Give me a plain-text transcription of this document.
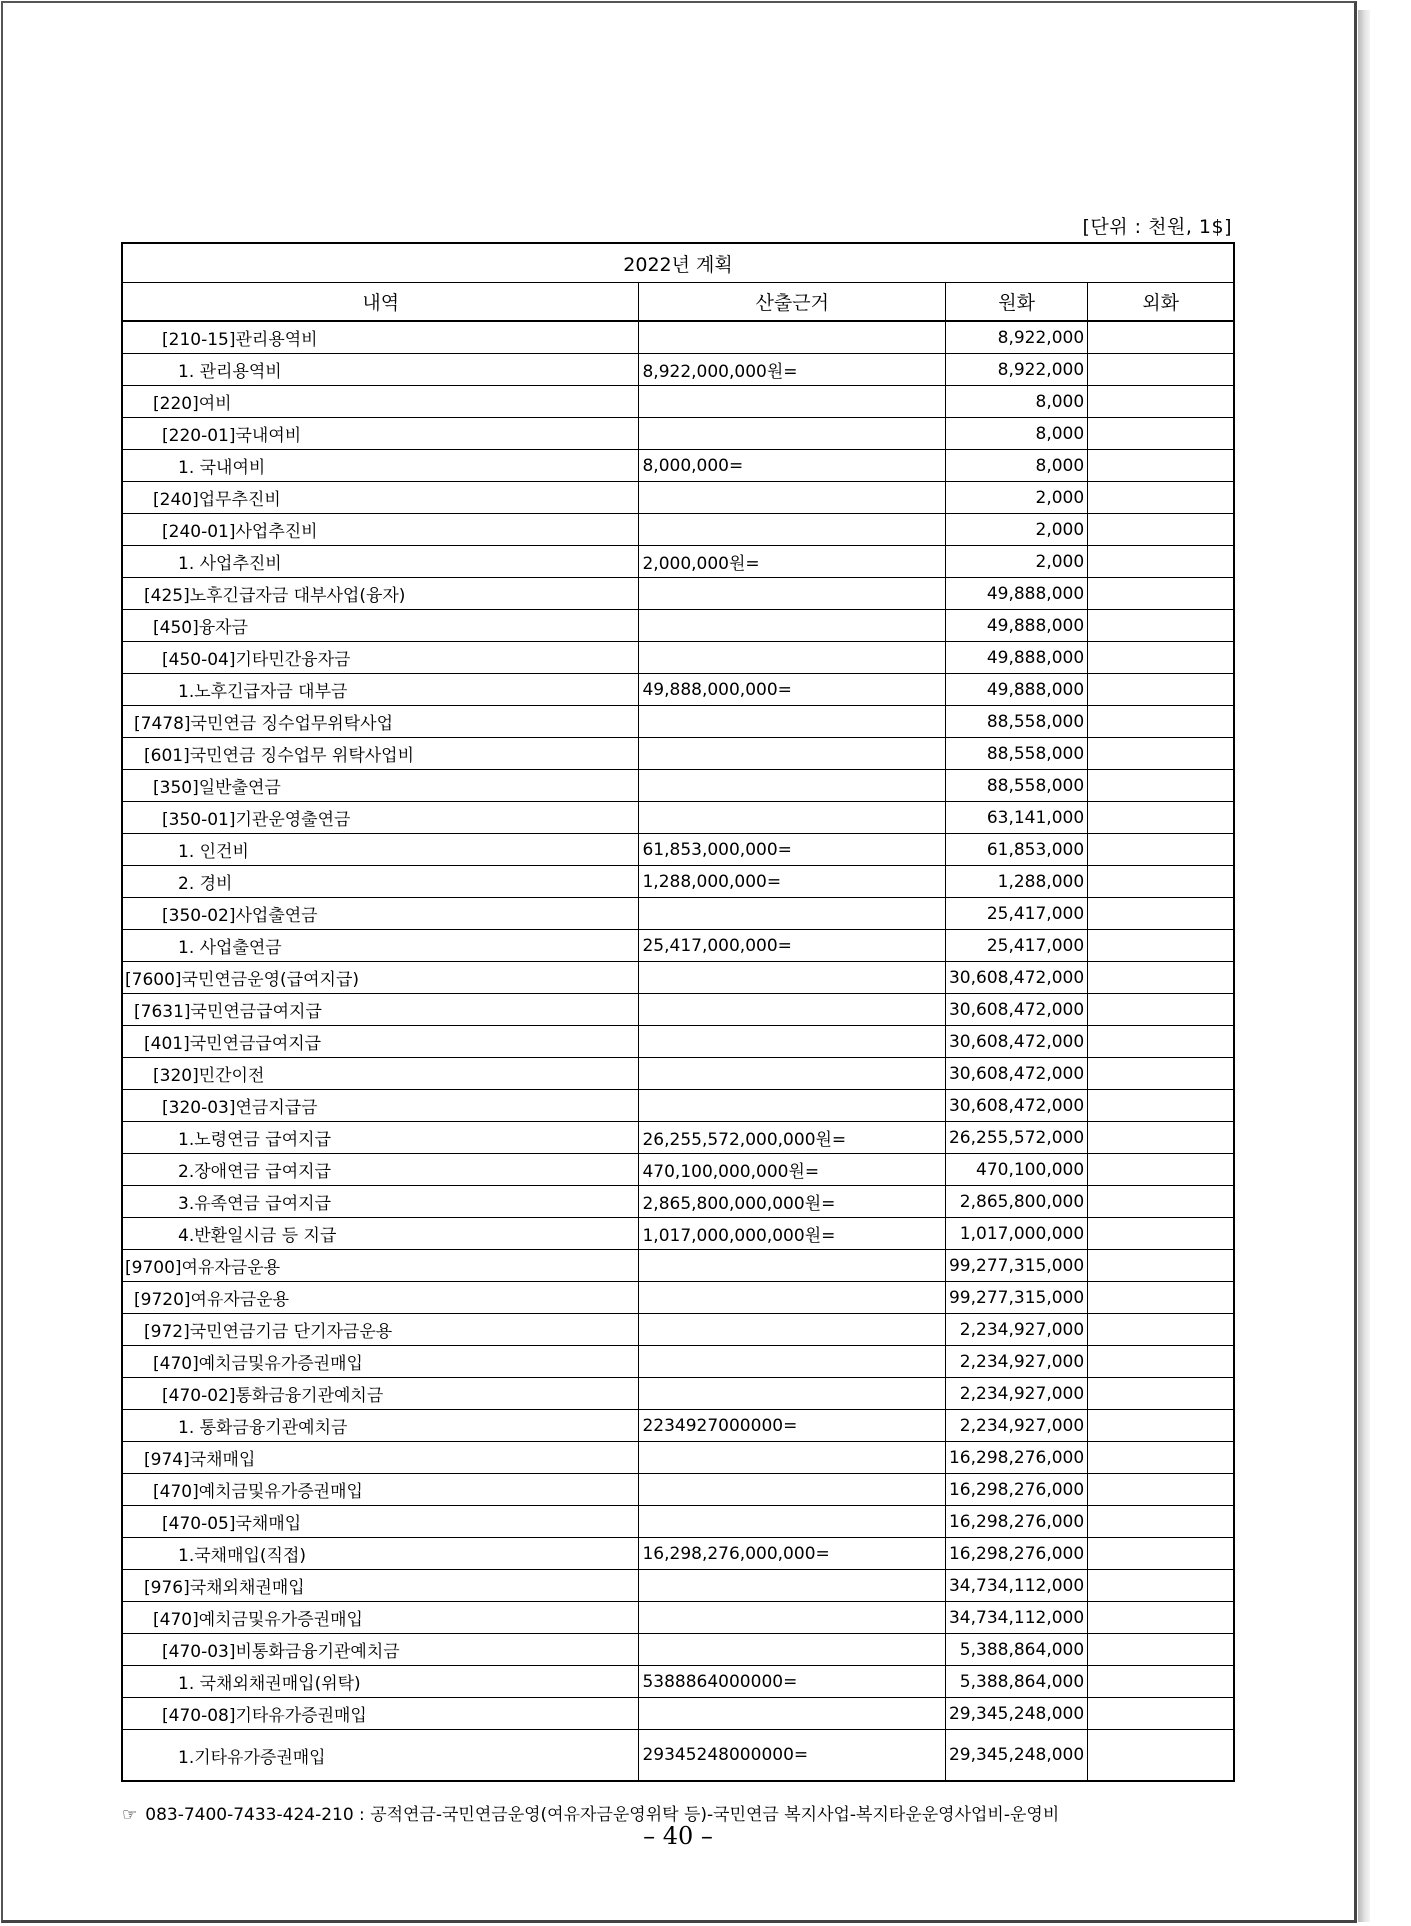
[단위 : 천원, 1$]
2022년 계획			
내역	산출근거	원화	외화
[210-15]관리용역비		8,922,000	
1. 관리용역비	8,922,000,000원=	8,922,000	
[220]여비		8,000	
[220-01]국내여비		8,000	
1. 국내여비	8,000,000=	8,000	
[240]업무추진비		2,000	
[240-01]사업추진비		2,000	
1. 사업추진비	2,000,000원=	2,000	
[425]노후긴급자금 대부사업(융자)		49,888,000	
[450]융자금		49,888,000	
[450-04]기타민간융자금		49,888,000	
1.노후긴급자금 대부금	49,888,000,000=	49,888,000	
[7478]국민연금 징수업무위탁사업		88,558,000	
[601]국민연금 징수업무 위탁사업비		88,558,000	
[350]일반출연금		88,558,000	
[350-01]기관운영출연금		63,141,000	
1. 인건비	61,853,000,000=	61,853,000	
2. 경비	1,288,000,000=	1,288,000	
[350-02]사업출연금		25,417,000	
1. 사업출연금	25,417,000,000=	25,417,000	
[7600]국민연금운영(급여지급)		30,608,472,000	
[7631]국민연금급여지급		30,608,472,000	
[401]국민연금급여지급		30,608,472,000	
[320]민간이전		30,608,472,000	
[320-03]연금지급금		30,608,472,000	
1.노령연금 급여지급	26,255,572,000,000원=	26,255,572,000	
2.장애연금 급여지급	470,100,000,000원=	470,100,000	
3.유족연금 급여지급	2,865,800,000,000원=	2,865,800,000	
4.반환일시금 등 지급	1,017,000,000,000원=	1,017,000,000	
[9700]여유자금운용		99,277,315,000	
[9720]여유자금운용		99,277,315,000	
[972]국민연금기금 단기자금운용		2,234,927,000	
[470]예치금및유가증권매입		2,234,927,000	
[470-02]통화금융기관예치금		2,234,927,000	
1. 통화금융기관예치금	2234927000000=	2,234,927,000	
[974]국채매입		16,298,276,000	
[470]예치금및유가증권매입		16,298,276,000	
[470-05]국채매입		16,298,276,000	
1.국채매입(직접)	16,298,276,000,000=	16,298,276,000	
[976]국채외채권매입		34,734,112,000	
[470]예치금및유가증권매입		34,734,112,000	
[470-03]비통화금융기관예치금		5,388,864,000	
1. 국채외채권매입(위탁)	5388864000000=	5,388,864,000	
[470-08]기타유가증권매입		29,345,248,000	
1.기타유가증권매입	29345248000000=	29,345,248,000	
☞ 083-7400-7433-424-210 : 공적연금-국민연금운영(여유자금운영위탁 등)-국민연금 복지사업-복지타운운영사업비-운영비
– 40 –
